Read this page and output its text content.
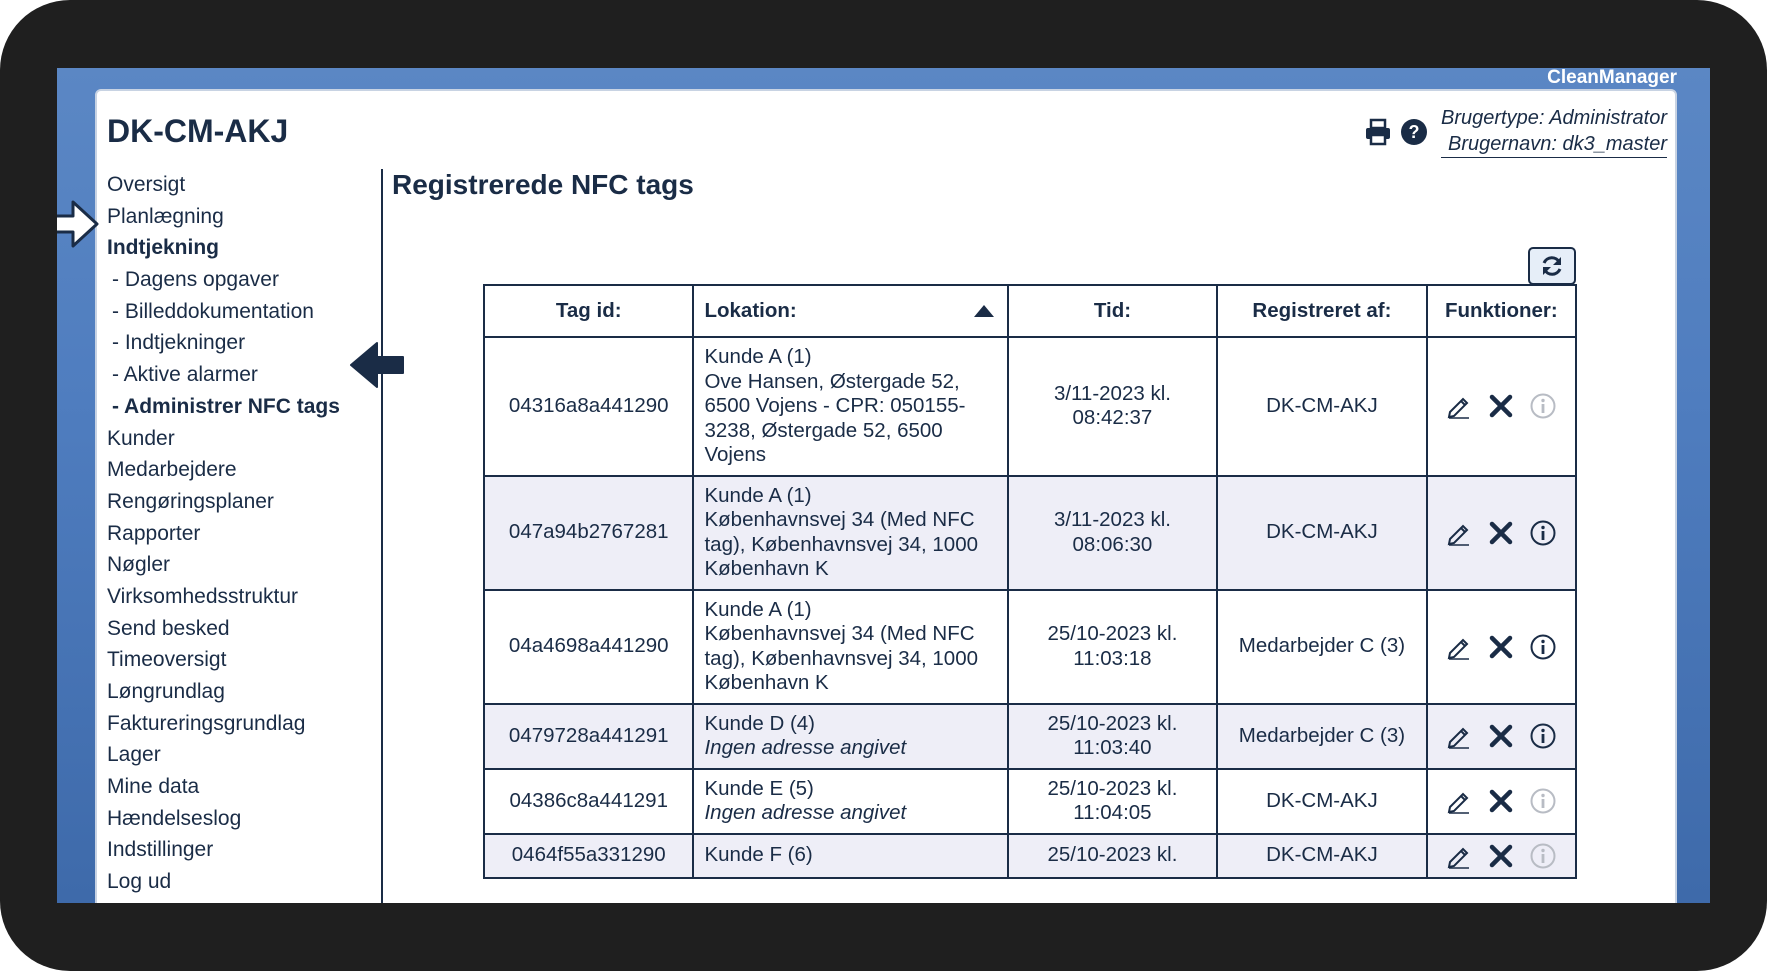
CleanManager
DK-CM-AKJ	?
Brugertype: Administrator
Brugernavn: dk3_master
Oversigt
Planlægning
Indtjekning
- Dagens opgaver
- Billeddokumentation
- Indtjekninger
- Aktive alarmer
- Administrer NFC tags
Kunder
Medarbejdere
Rengøringsplaner
Rapporter
Nøgler
Virksomhedsstruktur
Send besked
Timeoversigt
Løngrundlag
Faktureringsgrundlag
Lager
Mine data
Hændelseslog
Indstillinger
Log ud
Registrerede NFC tags
Tag id:	Lokation:	Tid:	Registreret af:	Funktioner:
04316a8a441290	Kunde A (1)
Ove Hansen, Østergade 52, 6500 Vojens - CPR: 050155-3238, Østergade 52, 6500 Vojens	3/11-2023 kl. 08:42:37	DK-CM-AKJ	

047a94b2767281	Kunde A (1)
Københavnsvej 34 (Med NFC tag), Københavnsvej 34, 1000 København K	3/11-2023 kl. 08:06:30	DK-CM-AKJ	

04a4698a441290	Kunde A (1)
Københavnsvej 34 (Med NFC tag), Københavnsvej 34, 1000 København K	25/10-2023 kl. 11:03:18	Medarbejder C (3)	

0479728a441291	Kunde D (4)
Ingen adresse angivet	25/10-2023 kl. 11:03:40	Medarbejder C (3)	

04386c8a441291	Kunde E (5)
Ingen adresse angivet	25/10-2023 kl. 11:04:05	DK-CM-AKJ	

0464f55a331290	Kunde F (6)	25/10-2023 kl.	DK-CM-AKJ	
